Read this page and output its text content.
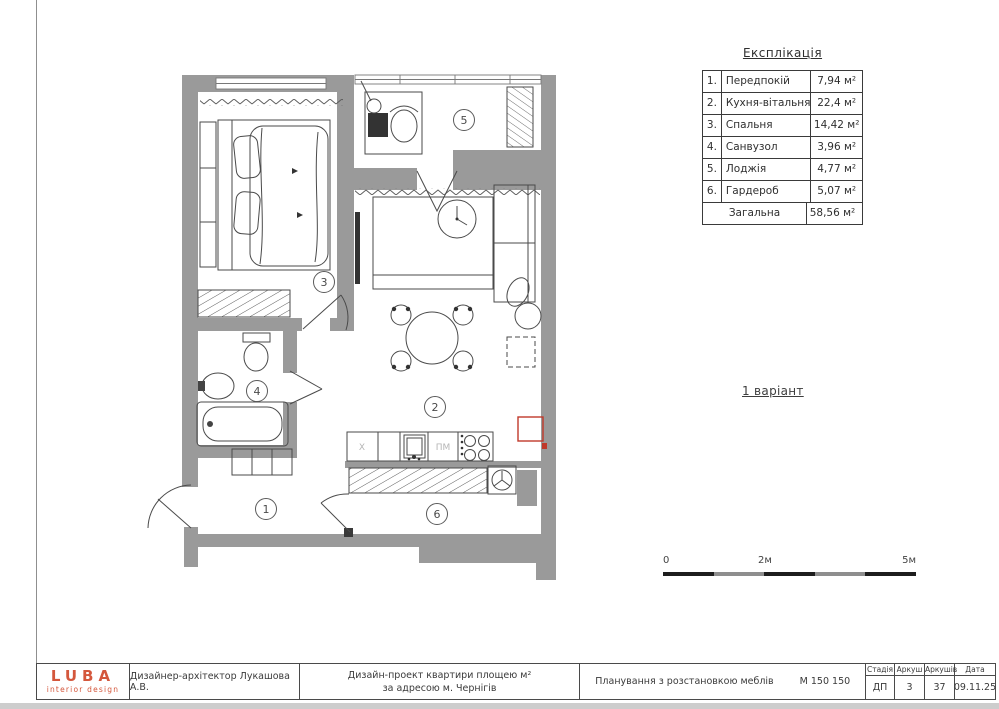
Х	ПМ
1
2
3
4
5
6
Експлікація
1. Передпокій	7,94 м²
2. Кухня-вітальня 22,4 м²
3. Спальня	14,42 м²
4. Санвузол	3,96 м²
5. Лоджія	4,77 м²
6. Гардероб	5,07 м²
Загальна	58,56 м²
1 варіант
0	2м	5м
LUBA
interior design
Дизайнер-архітектор Лукашова А.В.
Дизайн-проект квартири площею м²
за адресою м. Чернігів
Планування з розстановкою меблів	М 150 150
Стадія
ДП
Аркуш
3
Аркушів
37
Дата
09.11.25
